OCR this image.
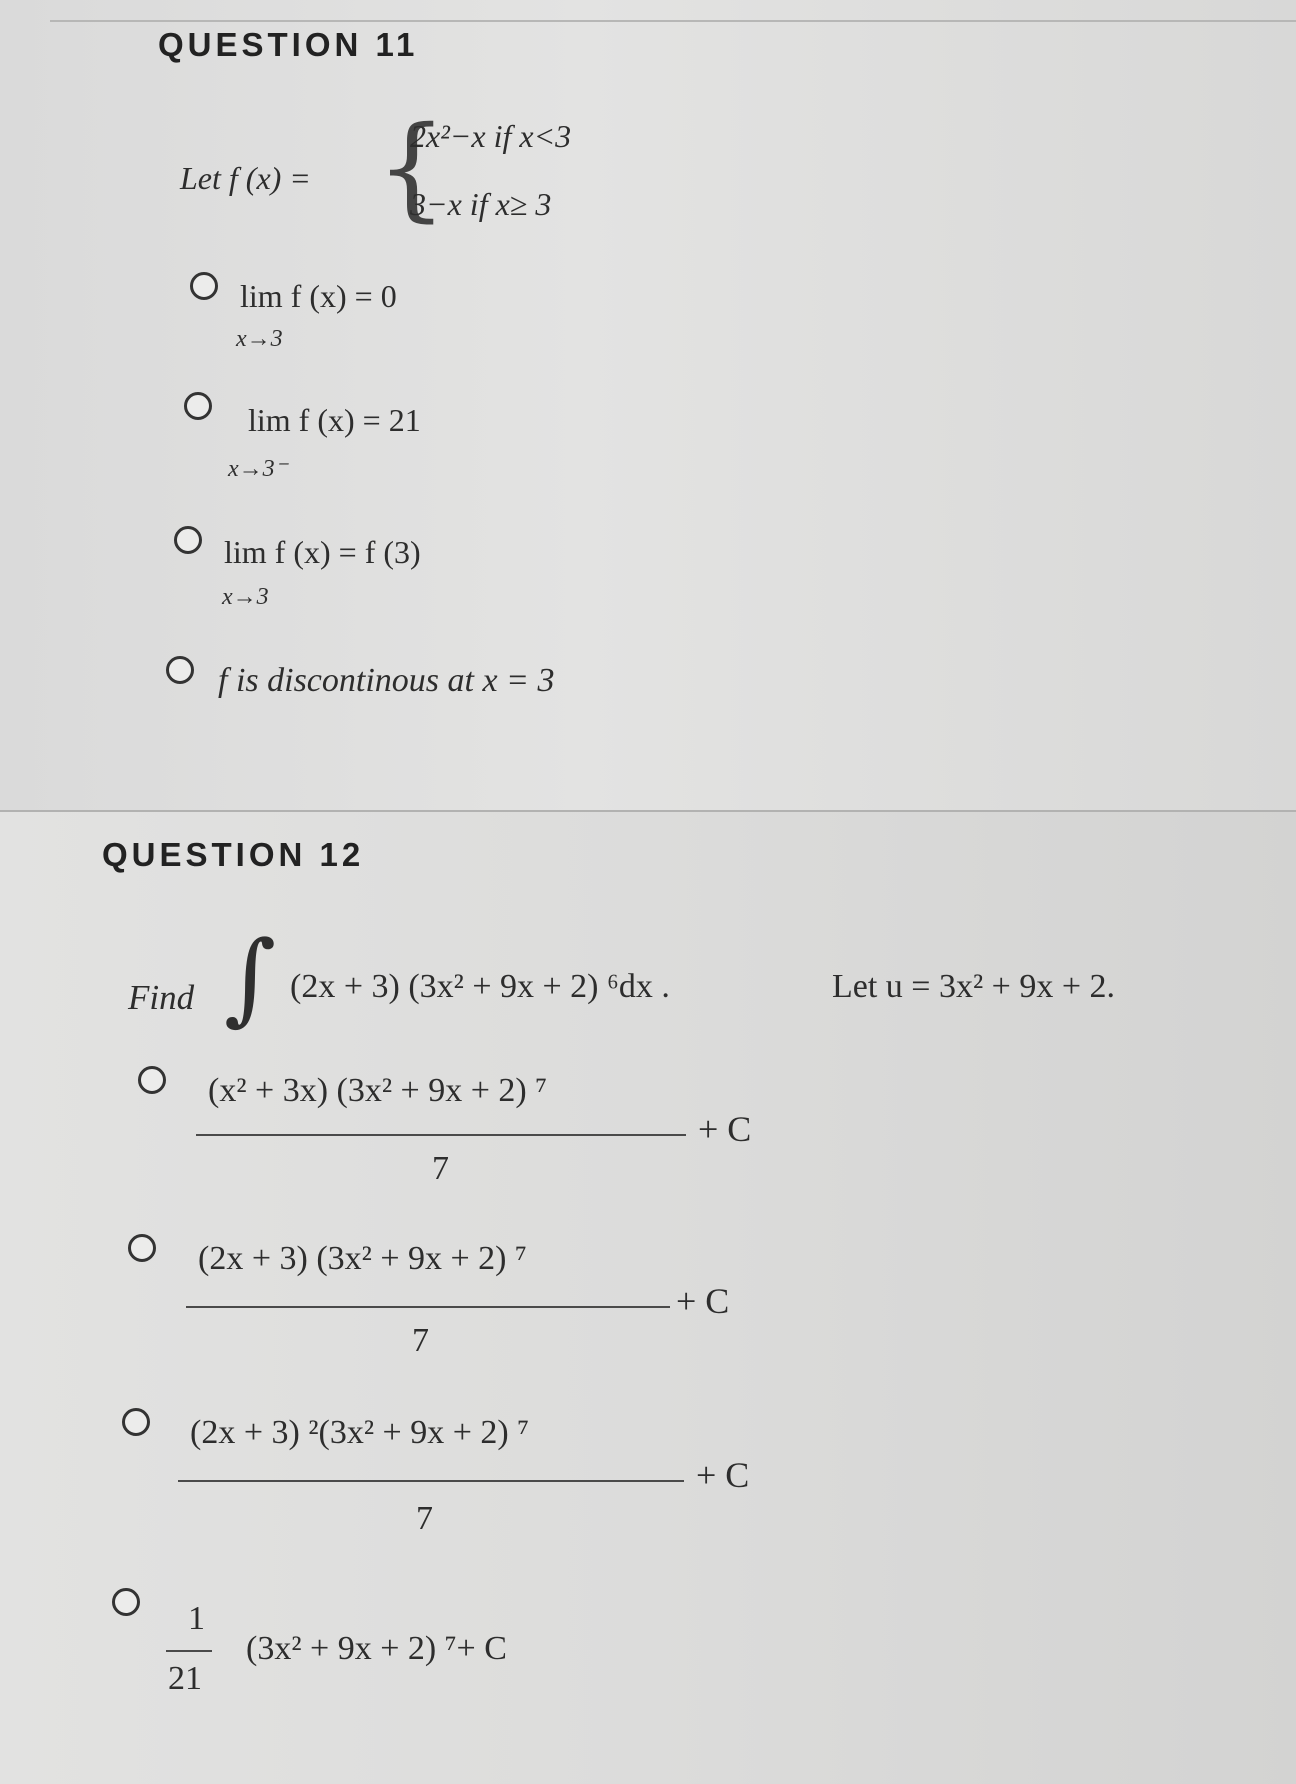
QUESTION 11
Let f (x) = {
2x²−x if x<3
3−x if x≥ 3
lim f (x) = 0
x→3
lim f (x) = 21
x→3⁻
lim f (x) = f (3)
x→3
f is discontinous at x = 3
QUESTION 12
Find ∫ (2x + 3) (3x² + 9x + 2) ⁶dx .	Let u = 3x² + 9x + 2.
(x² + 3x) (3x² + 9x + 2) ⁷
+ C
7
(2x + 3) (3x² + 9x + 2) ⁷
+ C
7
(2x + 3) ²(3x² + 9x + 2) ⁷
+ C
7
1
21
(3x² + 9x + 2) ⁷+ C
